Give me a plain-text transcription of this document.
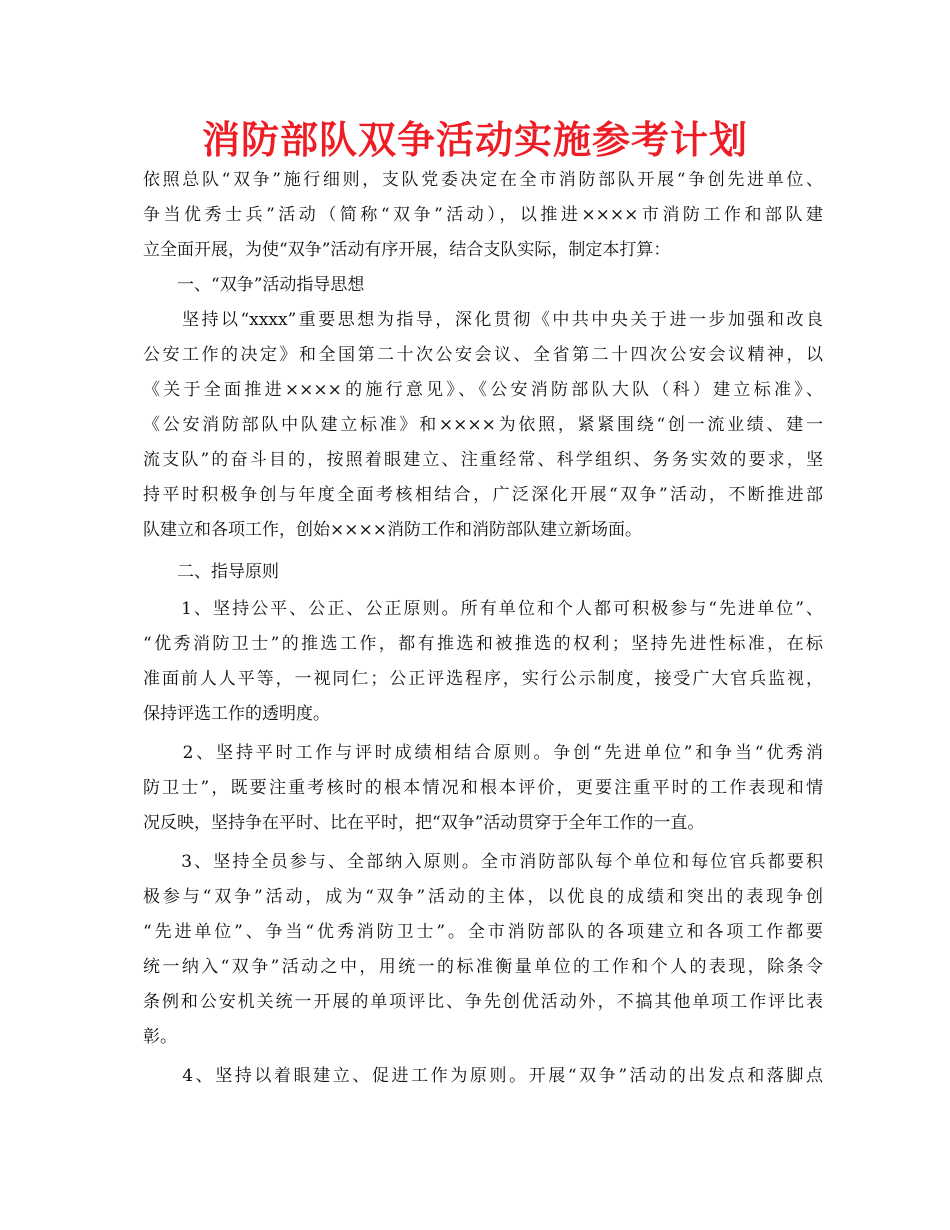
消防部队双争活动实施参考计划
依照总队“双争”施行细则，支队党委决定在全市消防部队开展“争创先进单位、
争当优秀士兵”活动（简称“双争”活动），以推进××××市消防工作和部队建
立全面开展，为使“双争”活动有序开展，结合支队实际，制定本打算：
　　一、“双争”活动指导思想
　　坚持以“xxxx”重要思想为指导，深化贯彻《中共中央关于进一步加强和改良
公安工作的决定》和全国第二十次公安会议、全省第二十四次公安会议精神，以
《关于全面推进××××的施行意见》、《公安消防部队大队（科）建立标准》、
《公安消防部队中队建立标准》和××××为依照，紧紧围绕“创一流业绩、建一
流支队”的奋斗目的，按照着眼建立、注重经常、科学组织、务务实效的要求，坚
持平时积极争创与年度全面考核相结合，广泛深化开展“双争”活动，不断推进部
队建立和各项工作，创始××××消防工作和消防部队建立新场面。
　　二、指导原则
　　1、坚持公平、公正、公正原则。所有单位和个人都可积极参与“先进单位”、
“优秀消防卫士”的推选工作，都有推选和被推选的权利；坚持先进性标准，在标
准面前人人平等，一视同仁；公正评选程序，实行公示制度，接受广大官兵监视，
保持评选工作的透明度。
　　2、坚持平时工作与评时成绩相结合原则。争创“先进单位”和争当“优秀消
防卫士”，既要注重考核时的根本情况和根本评价，更要注重平时的工作表现和情
况反映，坚持争在平时、比在平时，把“双争”活动贯穿于全年工作的一直。
　　3、坚持全员参与、全部纳入原则。全市消防部队每个单位和每位官兵都要积
极参与“双争”活动，成为“双争”活动的主体，以优良的成绩和突出的表现争创
“先进单位”、争当“优秀消防卫士”。全市消防部队的各项建立和各项工作都要
统一纳入“双争”活动之中，用统一的标准衡量单位的工作和个人的表现，除条令
条例和公安机关统一开展的单项评比、争先创优活动外，不搞其他单项工作评比表
彰。
　　4、坚持以着眼建立、促进工作为原则。开展“双争”活动的出发点和落脚点
